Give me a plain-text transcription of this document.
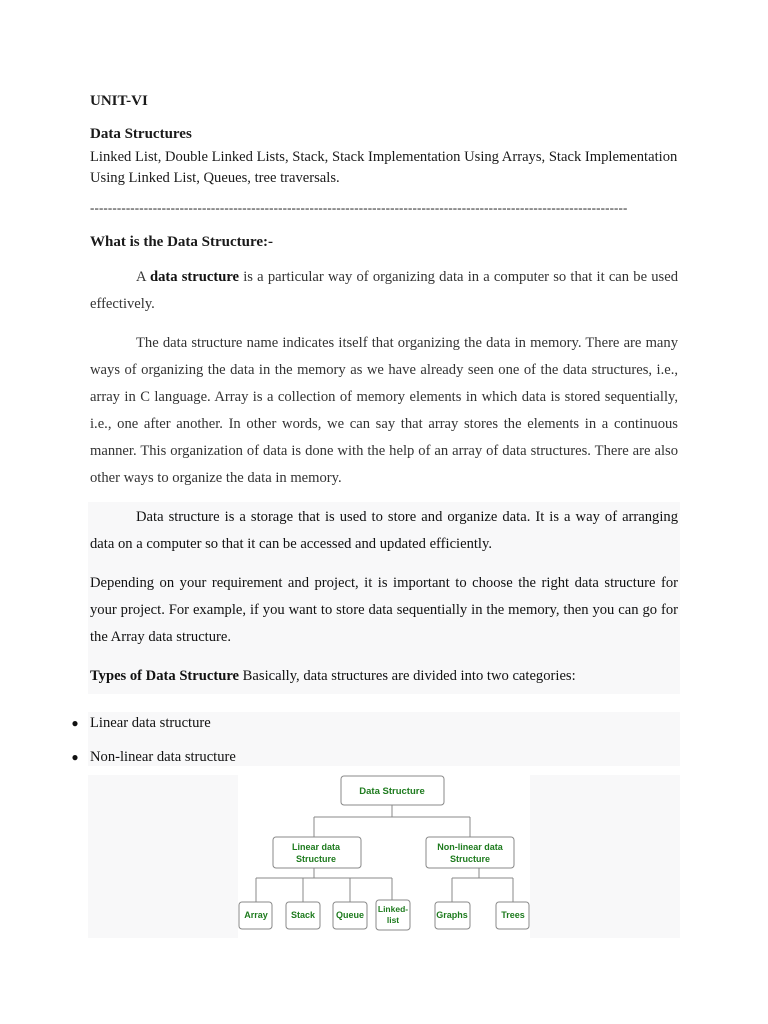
UNIT-VI
Data Structures
Linked List, Double Linked Lists, Stack, Stack Implementation Using Arrays, Stack Implementation Using Linked List, Queues, tree traversals.
------------------------------------------------------------------------------------------------------------------------
What is the Data Structure:-
A data structure is a particular way of organizing data in a computer so that it can be used effectively.
The data structure name indicates itself that organizing the data in memory. There are many ways of organizing the data in the memory as we have already seen one of the data structures, i.e., array in C language. Array is a collection of memory elements in which data is stored sequentially, i.e., one after another. In other words, we can say that array stores the elements in a continuous manner. This organization of data is done with the help of an array of data structures. There are also other ways to organize the data in memory.
Data structure is a storage that is used to store and organize data. It is a way of arranging data on a computer so that it can be accessed and updated efficiently.
Depending on your requirement and project, it is important to choose the right data structure for your project. For example, if you want to store data sequentially in the memory, then you can go for the Array data structure.
Types of Data Structure Basically, data structures are divided into two categories:
● Linear data structure
● Non-linear data structure
Data Structure
Linear data
Structure
Non-linear data
Structure
Array	Stack Queue
Linked-
list	Graphs	Trees
